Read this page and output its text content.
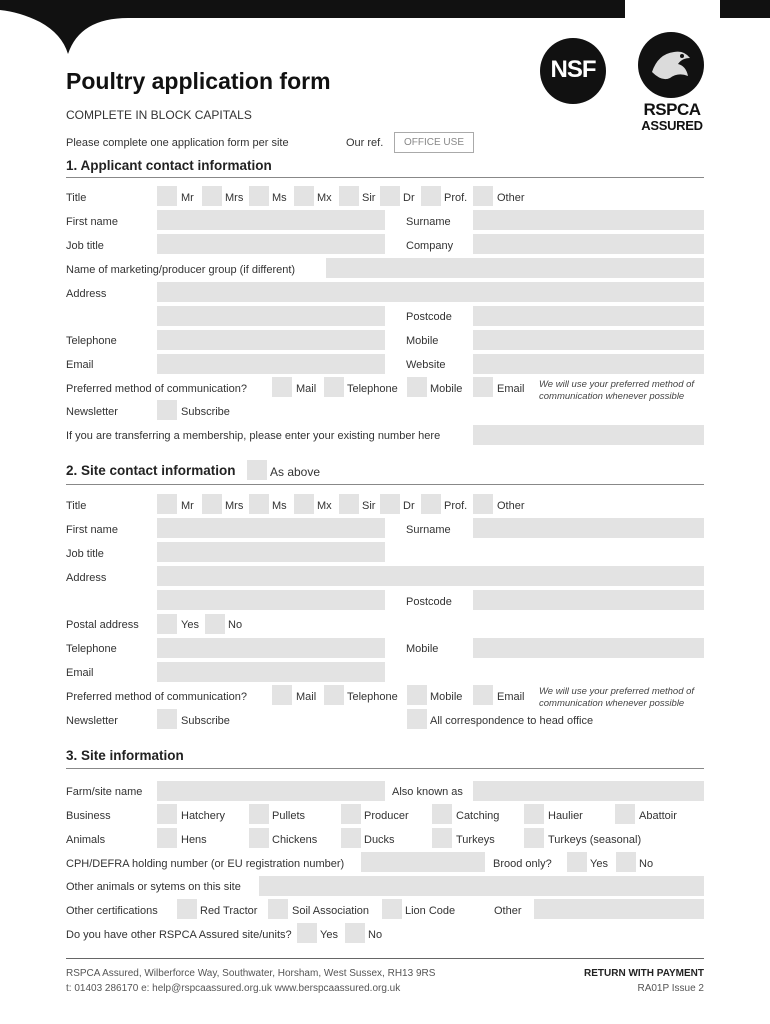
NSF
RSPCA
ASSURED
Poultry application form
COMPLETE IN BLOCK CAPITALS
Please complete one application form per site	Our ref.	OFFICE USE
1. Applicant contact information
Title	Mr	Mrs	Ms	Mx	Sir	Dr	Prof.	Other
First name	Surname
Job title	Company
Name of marketing/producer group (if different)
Address
Postcode
Telephone	Mobile
Email	Website
Preferred method of communication?	Mail	Telephone	Mobile	Email We will use your preferred method of communication whenever possible
Newsletter	Subscribe
If you are transferring a membership, please enter your existing number here
2. Site contact information	As above
Title	Mr	Mrs	Ms	Mx	Sir	Dr	Prof.	Other
First name	Surname
Job title
Address
Postcode
Postal address	Yes	No
Telephone	Mobile
Email
Preferred method of communication?	Mail	Telephone	Mobile	Email We will use your preferred method of communication whenever possible
Newsletter	Subscribe	All correspondence to head office
3. Site information
Farm/site name	Also known as
Business	Hatchery	Pullets	Producer	Catching	Haulier	Abattoir
Animals	Hens	Chickens	Ducks	Turkeys	Turkeys (seasonal)
CPH/DEFRA holding number (or EU registration number)	Brood only?	Yes	No
Other animals or sytems on this site
Other certifications	Red Tractor	Soil Association	Lion Code	Other
Do you have other RSPCA Assured site/units?	Yes	No
RSPCA Assured, Wilberforce Way, Southwater, Horsham, West Sussex, RH13 9RS
t: 01403 286170 e: help@rspcaassured.org.uk www.berspcaassured.org.uk
RETURN WITH PAYMENT
RA01P Issue 2
